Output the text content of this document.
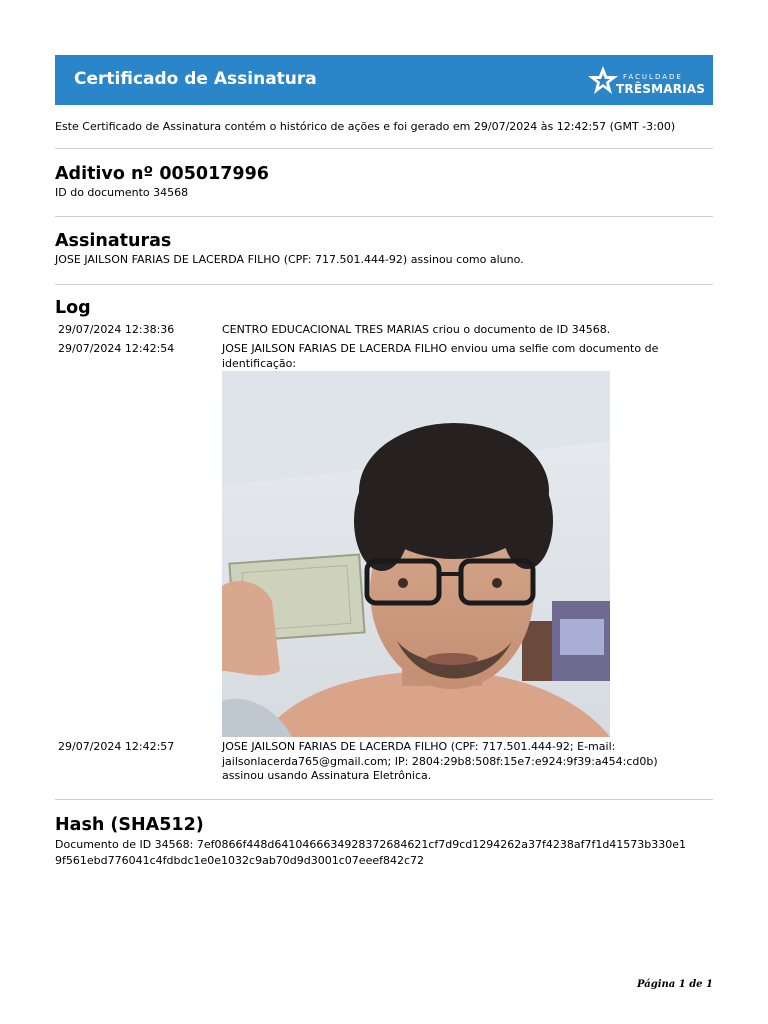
Certificado de Assinatura	FACULDADE
TRÊSMARIAS
Este Certificado de Assinatura contém o histórico de ações e foi gerado em 29/07/2024 às 12:42:57 (GMT -3:00)
Aditivo nº 005017996
ID do documento 34568
Assinaturas
JOSE JAILSON FARIAS DE LACERDA FILHO (CPF: 717.501.444-92) assinou como aluno.
Log
29/07/2024 12:38:36	CENTRO EDUCACIONAL TRES MARIAS criou o documento de ID 34568.
29/07/2024 12:42:54	JOSE JAILSON FARIAS DE LACERDA FILHO enviou uma selfie com documento de identificação:
29/07/2024 12:42:57	JOSE JAILSON FARIAS DE LACERDA FILHO (CPF: 717.501.444-92; E-mail: jailsonlacerda765@gmail.com; IP: 2804:29b8:508f:15e7:e924:9f39:a454:cd0b) assinou usando Assinatura Eletrônica.
Hash (SHA512)
Documento de ID 34568: 7ef0866f448d64104666349283726846​21cf7d9cd1294262a37f4238af7f1d41573b330e1
9f561ebd776041c4fdbdc1e0e1032c9ab70d9d3001c07eeef842c72
Página 1 de 1
